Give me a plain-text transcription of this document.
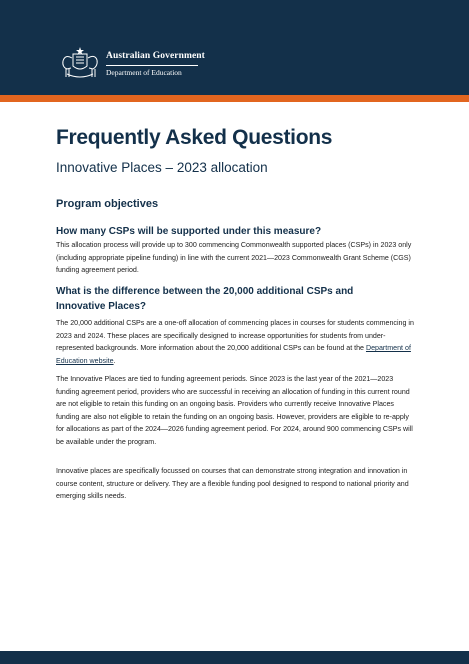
Australian Government
Department of Education
Frequently Asked Questions
Innovative Places – 2023 allocation
Program objectives
How many CSPs will be supported under this measure?

This allocation process will provide up to 300 commencing Commonwealth supported places (CSPs) in 2023 only (including appropriate pipeline funding) in line with the current 2021—2023 Commonwealth Grant Scheme (CGS) funding agreement period.

What is the difference between the 20,000 additional CSPs and Innovative Places?

The 20,000 additional CSPs are a one-off allocation of commencing places in courses for students commencing in 2023 and 2024. These places are specifically designed to increase opportunities for students from under-represented backgrounds. More information about the 20,000 additional CSPs can be found at the Department of Education website.

The Innovative Places are tied to funding agreement periods. Since 2023 is the last year of the 2021—2023 funding agreement period, providers who are successful in receiving an allocation of funding in this current round are not eligible to retain this funding on an ongoing basis. Providers who currently receive Innovative Places funding are also not eligible to retain the funding on an ongoing basis. However, providers are eligible to re-apply for allocations as part of the 2024—2026 funding agreement period. For 2024, around 900 commencing CSPs will be available under the program.

Innovative places are specifically focussed on courses that can demonstrate strong integration and innovation in course content, structure or delivery. They are a flexible funding pool designed to respond to national priority and emerging skills needs.
